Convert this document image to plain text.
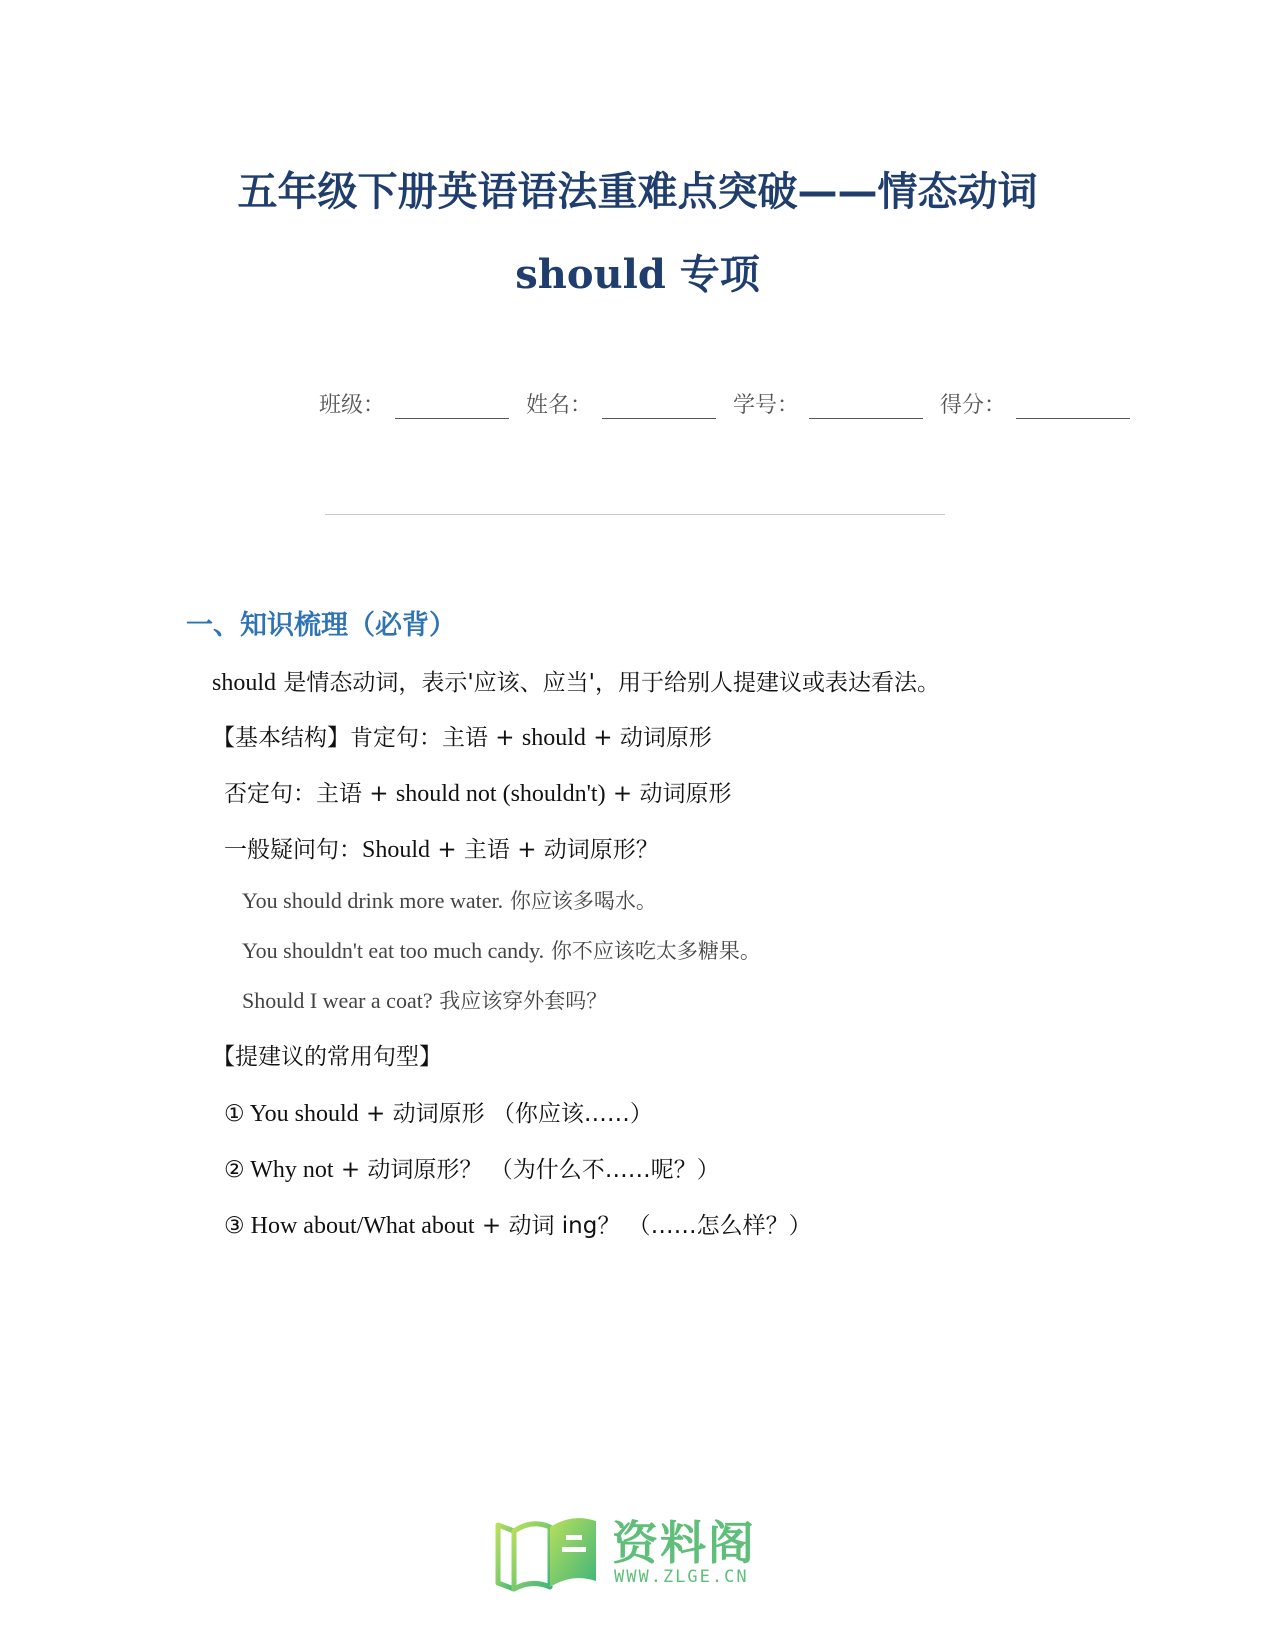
五年级下册英语语法重难点突破——情态动词
should 专项
班级：	姓名：	学号：	得分：
一、知识梳理（必背）
should 是情态动词，表示'应该、应当'，用于给别人提建议或表达看法。
【基本结构】肯定句：主语 + should + 动词原形
否定句：主语 + should not (shouldn't) + 动词原形
一般疑问句：Should + 主语 + 动词原形？
You should drink more water. 你应该多喝水。
You shouldn't eat too much candy. 你不应该吃太多糖果。
Should I wear a coat? 我应该穿外套吗？
【提建议的常用句型】
① You should + 动词原形 （你应该……）
② Why not + 动词原形？ （为什么不……呢？）
③ How about/What about + 动词 ing？ （……怎么样？）
资料阁
WWW.ZLGE.CN
